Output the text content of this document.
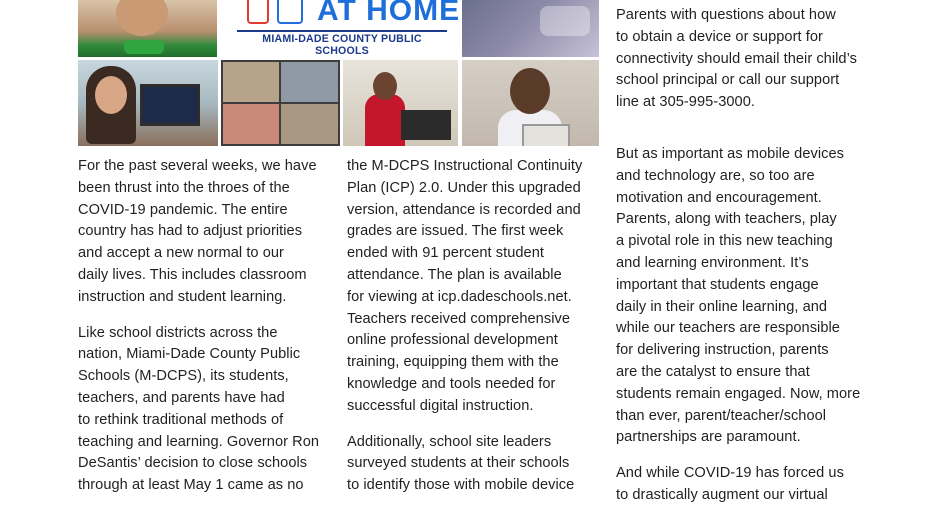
AT HOME
MIAMI-DADE COUNTY PUBLIC SCHOOLS

For the past several weeks, we have
been thrust into the throes of the
COVID-19 pandemic. The entire
country has had to adjust priorities
and accept a new normal to our
daily lives. This includes classroom
instruction and student learning.

Like school districts across the
nation, Miami-Dade County Public
Schools (M-DCPS), its students,
teachers, and parents have had
to rethink traditional methods of
teaching and learning. Governor Ron
DeSantis’ decision to close schools
through at least May 1 came as no

the M-DCPS Instructional Continuity
Plan (ICP) 2.0. Under this upgraded
version, attendance is recorded and
grades are issued. The first week
ended with 91 percent student
attendance. The plan is available
for viewing at icp.dadeschools.net.
Teachers received comprehensive
online professional development
training, equipping them with the
knowledge and tools needed for
successful digital instruction.

Additionally, school site leaders
surveyed students at their schools
to identify those with mobile device

Parents with questions about how
to obtain a device or support for
connectivity should email their child’s
school principal or call our support
line at 305-995-3000.

But as important as mobile devices
and technology are, so too are
motivation and encouragement.
Parents, along with teachers, play
a pivotal role in this new teaching
and learning environment. It’s
important that students engage
daily in their online learning, and
while our teachers are responsible
for delivering instruction, parents
are the catalyst to ensure that
students remain engaged. Now, more
than ever, parent/teacher/school
partnerships are paramount.

And while COVID-19 has forced us
to drastically augment our virtual
